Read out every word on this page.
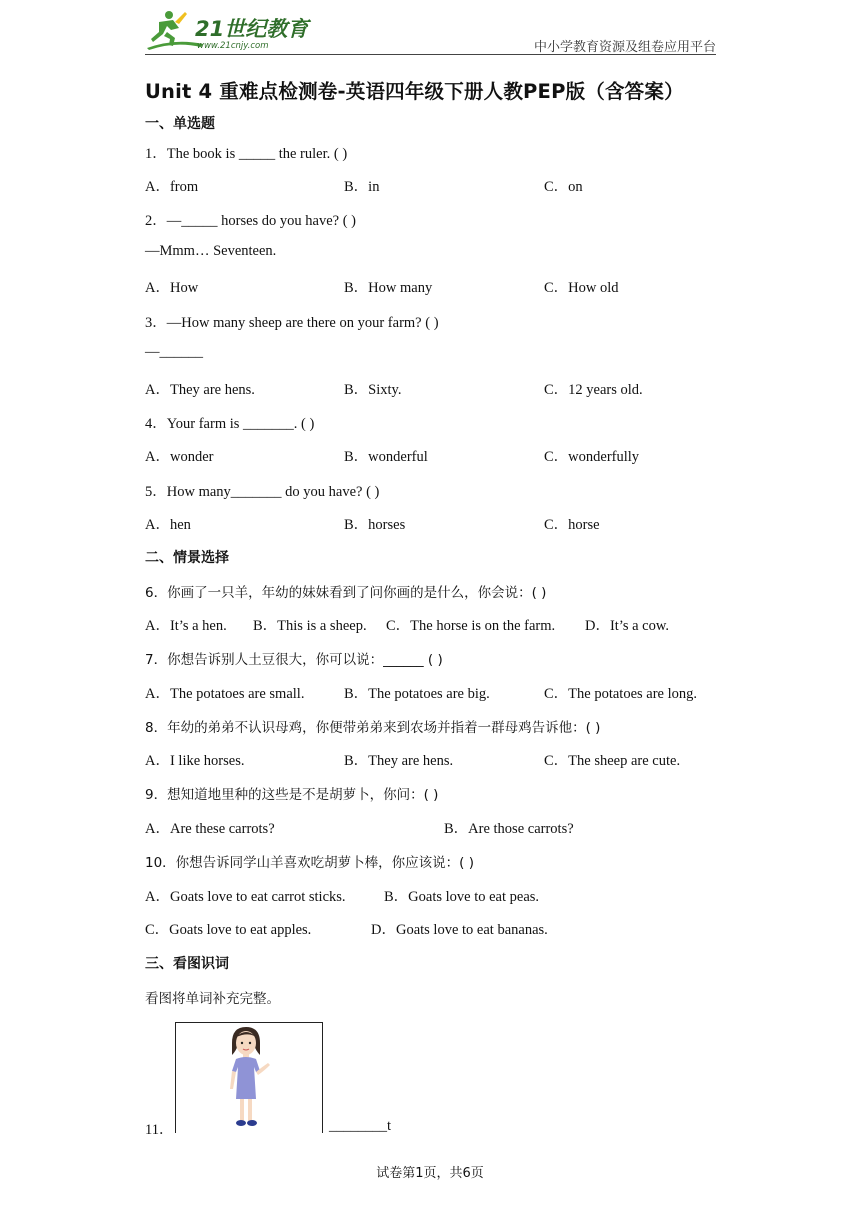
21世纪教育
www.21cnjy.com	中小学教育资源及组卷应用平台
Unit 4 重难点检测卷-英语四年级下册人教PEP版（含答案）
一、单选题
1．The book is _____ the ruler. ( )
A．from	B．in	C．on
2．—_____ horses do you have? ( )
—Mmm… Seventeen.
A．How	B．How many	C．How old
3．—How many sheep are there on your farm? ( )
—______
A．They are hens.	B．Sixty.	C．12 years old.
4．Your farm is _______. ( )
A．wonder	B．wonderful	C．wonderfully
5．How many_______ do you have? ( )
A．hen	B．horses	C．horse
二、情景选择
6．你画了一只羊，年幼的妹妹看到了问你画的是什么，你会说：( )
A．It’s a hen. B．This is a sheep. C．The horse is on the farm. D．It’s a cow.
7．你想告诉别人土豆很大，你可以说：______ ( )
A．The potatoes are small.	B．The potatoes are big.	C．The potatoes are long.
8．年幼的弟弟不认识母鸡，你便带弟弟来到农场并指着一群母鸡告诉他：( )
A．I like horses.	B．They are hens.	C．The sheep are cute.
9．想知道地里种的这些是不是胡萝卜，你问：( )
A．Are these carrots?	B．Are those carrots?
10．你想告诉同学山羊喜欢吃胡萝卜棒，你应该说：( )
A．Goats love to eat carrot sticks.	B．Goats love to eat peas.
C．Goats love to eat apples.	D．Goats love to eat bananas.
三、看图识词
看图将单词补充完整。
11．	________t
试卷第1页，共6页
